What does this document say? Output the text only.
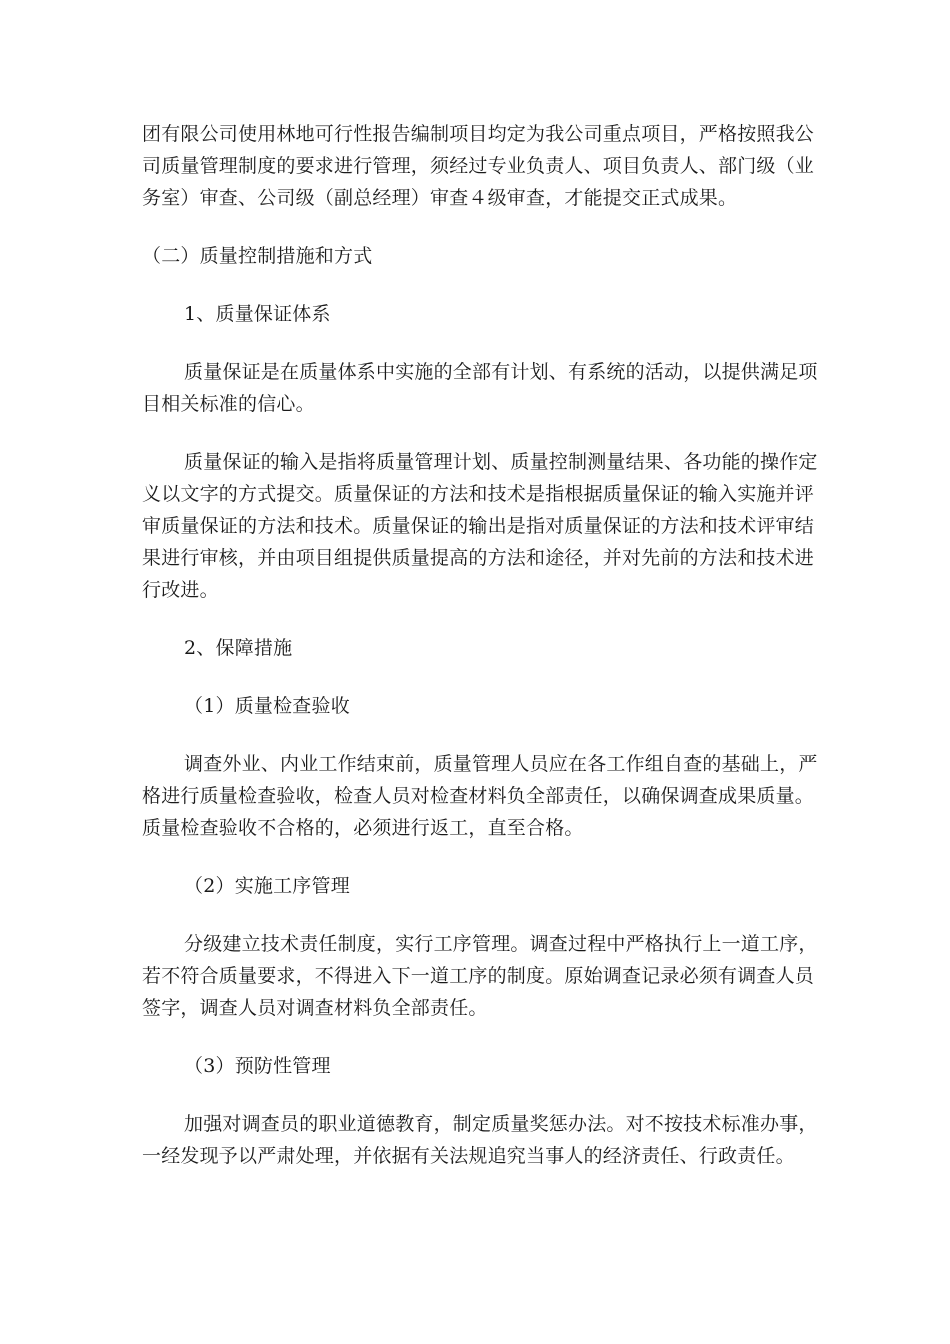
团有限公司使用林地可行性报告编制项目均定为我公司重点项目，严格按照我公司质量管理制度的要求进行管理，须经过专业负责人、项目负责人、部门级（业务室）审查、公司级（副总经理）审查４级审查，才能提交正式成果。

（二）质量控制措施和方式

1、质量保证体系

质量保证是在质量体系中实施的全部有计划、有系统的活动，以提供满足项目相关标准的信心。

质量保证的输入是指将质量管理计划、质量控制测量结果、各功能的操作定义以文字的方式提交。质量保证的方法和技术是指根据质量保证的输入实施并评审质量保证的方法和技术。质量保证的输出是指对质量保证的方法和技术评审结果进行审核，并由项目组提供质量提高的方法和途径，并对先前的方法和技术进行改进。

2、保障措施

（1）质量检查验收

调查外业、内业工作结束前，质量管理人员应在各工作组自查的基础上，严格进行质量检查验收，检查人员对检查材料负全部责任，以确保调查成果质量。质量检查验收不合格的，必须进行返工，直至合格。

（2）实施工序管理

分级建立技术责任制度，实行工序管理。调查过程中严格执行上一道工序，若不符合质量要求，不得进入下一道工序的制度。原始调查记录必须有调查人员签字，调查人员对调查材料负全部责任。

（3）预防性管理

加强对调查员的职业道德教育，制定质量奖惩办法。对不按技术标准办事，一经发现予以严肃处理，并依据有关法规追究当事人的经济责任、行政责任。
